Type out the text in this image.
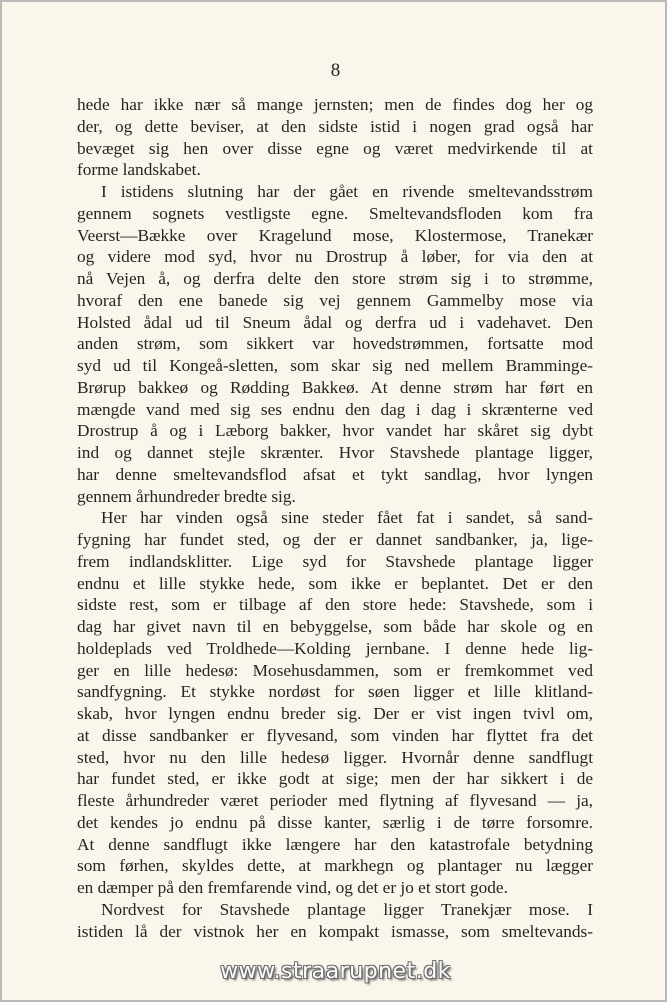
8
hede har ikke nær så mange jernsten; men de findes dog her og
der, og dette beviser, at den sidste istid i nogen grad også har
bevæget sig hen over disse egne og været medvirkende til at
forme landskabet.
I istidens slutning har der gået en rivende smeltevandsstrøm
gennem sognets vestligste egne. Smeltevandsfloden kom fra
Veerst—Bække over Kragelund mose, Klostermose, Tranekær
og videre mod syd, hvor nu Drostrup å løber, for via den at
nå Vejen å, og derfra delte den store strøm sig i to strømme,
hvoraf den ene banede sig vej gennem Gammelby mose via
Holsted ådal ud til Sneum ådal og derfra ud i vadehavet. Den
anden strøm, som sikkert var hovedstrømmen, fortsatte mod
syd ud til Kongeå-sletten, som skar sig ned mellem Bramminge-
Brørup bakkeø og Rødding Bakkeø. At denne strøm har ført en
mængde vand med sig ses endnu den dag i dag i skrænterne ved
Drostrup å og i Læborg bakker, hvor vandet har skåret sig dybt
ind og dannet stejle skrænter. Hvor Stavshede plantage ligger,
har denne smeltevandsflod afsat et tykt sandlag, hvor lyngen
gennem århundreder bredte sig.
Her har vinden også sine steder fået fat i sandet, så sand-
fygning har fundet sted, og der er dannet sandbanker, ja, lige-
frem indlandsklitter. Lige syd for Stavshede plantage ligger
endnu et lille stykke hede, som ikke er beplantet. Det er den
sidste rest, som er tilbage af den store hede: Stavshede, som i
dag har givet navn til en bebyggelse, som både har skole og en
holdeplads ved Troldhede—Kolding jernbane. I denne hede lig-
ger en lille hedesø: Mosehusdammen, som er fremkommet ved
sandfygning. Et stykke nordøst for søen ligger et lille klitland-
skab, hvor lyngen endnu breder sig. Der er vist ingen tvivl om,
at disse sandbanker er flyvesand, som vinden har flyttet fra det
sted, hvor nu den lille hedesø ligger. Hvornår denne sandflugt
har fundet sted, er ikke godt at sige; men der har sikkert i de
fleste århundreder været perioder med flytning af flyvesand — ja,
det kendes jo endnu på disse kanter, særlig i de tørre forsomre.
At denne sandflugt ikke længere har den katastrofale betydning
som førhen, skyldes dette, at markhegn og plantager nu lægger
en dæmper på den fremfarende vind, og det er jo et stort gode.
Nordvest for Stavshede plantage ligger Tranekjær mose. I
istiden lå der vistnok her en kompakt ismasse, som smeltevands-
www.straarupnet.dk
